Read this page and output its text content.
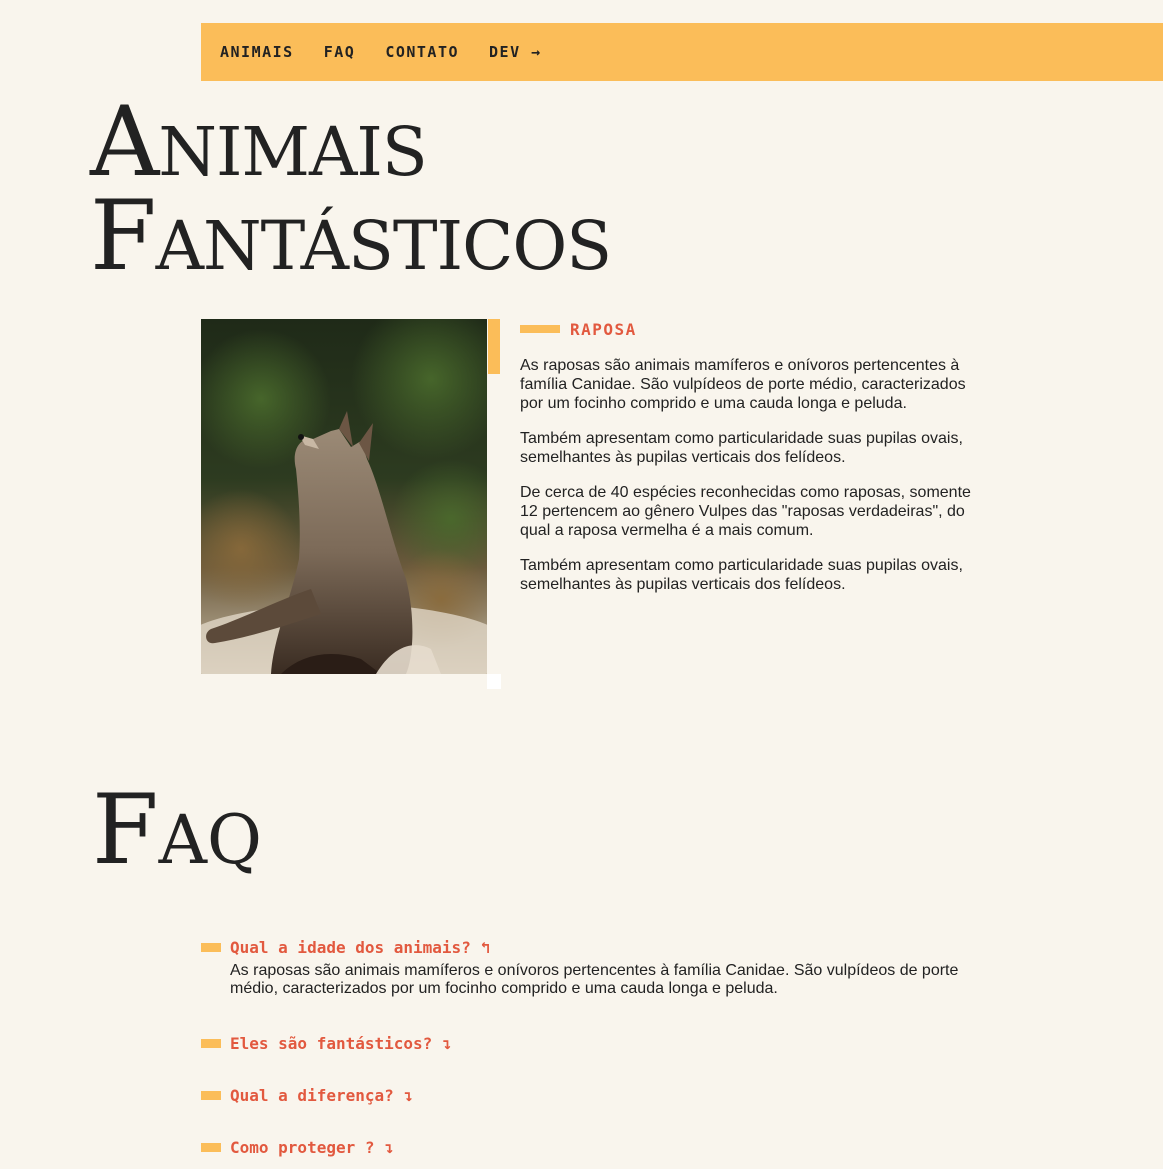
ANIMAIS FAQ CONTATO DEV →
Animais
Fantásticos
RAPOSA

As raposas são animais mamíferos e onívoros pertencentes à família Canidae. São vulpídeos de porte médio, caracterizados por um focinho comprido e uma cauda longa e peluda.

Também apresentam como particularidade suas pupilas ovais, semelhantes às pupilas verticais dos felídeos.

De cerca de 40 espécies reconhecidas como raposas, somente 12 pertencem ao gênero Vulpes das "raposas verdadeiras", do qual a raposa vermelha é a mais comum.

Também apresentam como particularidade suas pupilas ovais, semelhantes às pupilas verticais dos felídeos.

Faq
Qual a idade dos animais? ↰

As raposas são animais mamíferos e onívoros pertencentes à família Canidae. São vulpídeos de porte médio, caracterizados por um focinho comprido e uma cauda longa e peluda.

Eles são fantásticos? ↴
Qual a diferença? ↴
Como proteger ? ↴
